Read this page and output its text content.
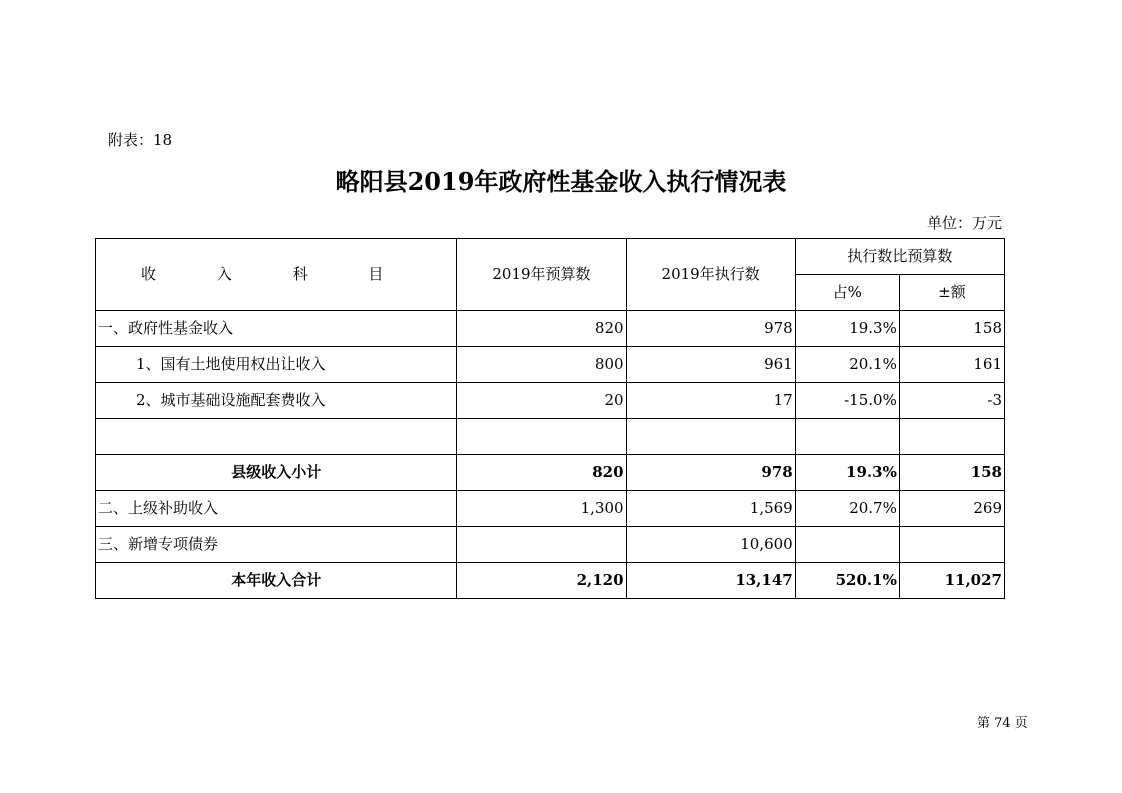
附表：18
略阳县2019年政府性基金收入执行情况表
单位：万元
收 入 科 目	2019年预算数	2019年执行数	执行数比预算数	
			占%	±额
一、政府性基金收入	820	978	19.3%	158
1、国有土地使用权出让收入	800	961	20.1%	161
2、城市基础设施配套费收入	20	17	-15.0%	-3

县级收入小计	820	978	19.3%	158
二、上级补助收入	1,300	1,569	20.7%	269
三、新增专项债券		10,600		
本年收入合计	2,120	13,147	520.1%	11,027
第 74 页
